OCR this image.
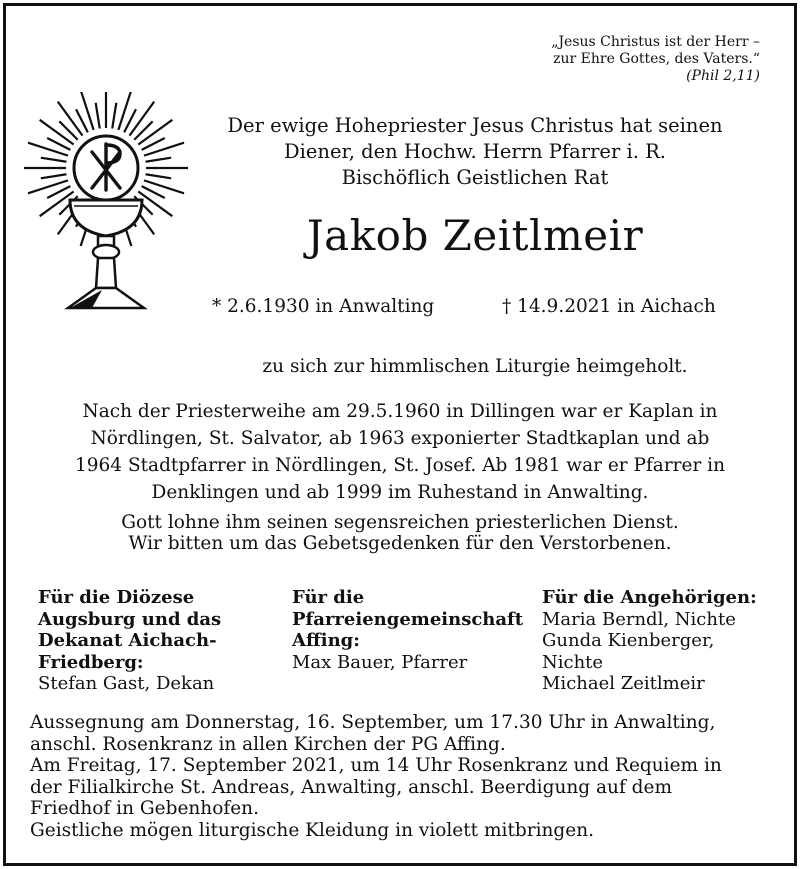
„Jesus Christus ist der Herr –
zur Ehre Gottes, des Vaters.“
(Phil 2,11)
Der ewige Hohepriester Jesus Christus hat seinen
Diener, den Hochw. Herrn Pfarrer i. R.
Bischöflich Geistlichen Rat
Jakob Zeitlmeir
* 2.6.1930 in Anwalting	† 14.9.2021 in Aichach
zu sich zur himmlischen Liturgie heimgeholt.
Nach der Priesterweihe am 29.5.1960 in Dillingen war er Kaplan in
Nördlingen, St. Salvator, ab 1963 exponierter Stadtkaplan und ab
1964 Stadtpfarrer in Nördlingen, St. Josef. Ab 1981 war er Pfarrer in
Denklingen und ab 1999 im Ruhestand in Anwalting.
Gott lohne ihm seinen segensreichen priesterlichen Dienst.
Wir bitten um das Gebetsgedenken für den Verstorbenen.
Für die Diözese
Augsburg und das
Dekanat Aichach-
Friedberg:
Stefan Gast, Dekan
Für die
Pfarreiengemeinschaft
Affing:
Max Bauer, Pfarrer
Für die Angehörigen:
Maria Berndl, Nichte
Gunda Kienberger,
Nichte
Michael Zeitlmeir
Aussegnung am Donnerstag, 16. September, um 17.30 Uhr in Anwalting,
anschl. Rosenkranz in allen Kirchen der PG Affing.
Am Freitag, 17. September 2021, um 14 Uhr Rosenkranz und Requiem in
der Filialkirche St. Andreas, Anwalting, anschl. Beerdigung auf dem
Friedhof in Gebenhofen.
Geistliche mögen liturgische Kleidung in violett mitbringen.
